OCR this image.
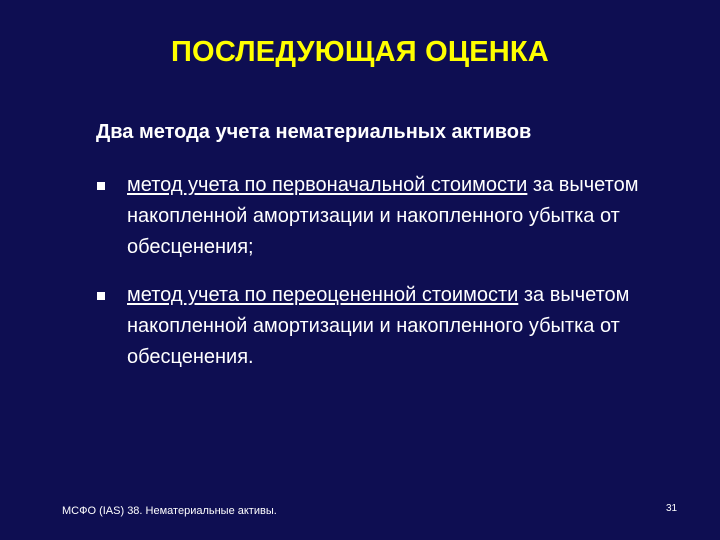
ПОСЛЕДУЮЩАЯ ОЦЕНКА
Два метода учета нематериальных активов
метод учета по первоначальной стоимости за вычетом накопленной амортизации и накопленного убытка от обесценения;
метод учета по переоцененной стоимости за вычетом накопленной амортизации и накопленного убытка от обесценения.
МСФО (IAS) 38. Нематериальные активы.	31
